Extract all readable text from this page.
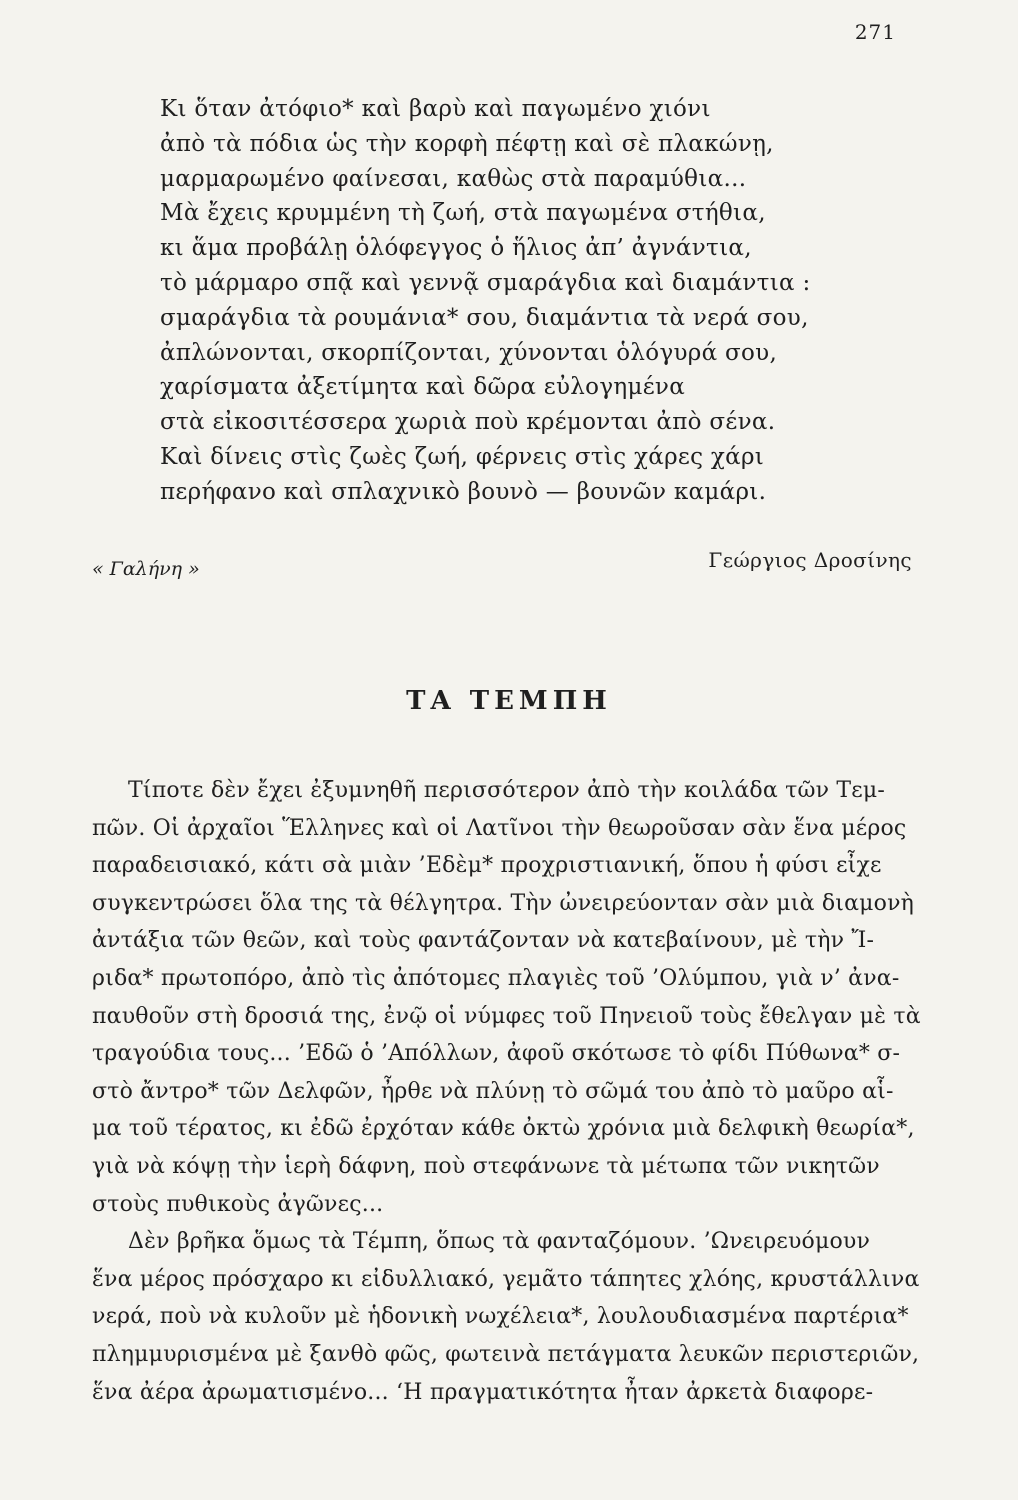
271
Κι ὅταν ἀτόφιο* καὶ βαρὺ καὶ παγωμένο χιόνι
ἀπὸ τὰ πόδια ὡς τὴν κορφὴ πέφτῃ καὶ σὲ πλακώνῃ,
μαρμαρωμένο φαίνεσαι, καθὼς στὰ παραμύθια...
Μὰ ἔχεις κρυμμένη τὴ ζωή, στὰ παγωμένα στήθια,
κι ἅμα προβάλῃ ὁλόφεγγος ὁ ἥλιος ἀπ’ ἀγνάντια,
τὸ μάρμαρο σπᾷ καὶ γεννᾷ σμαράγδια καὶ διαμάντια :
σμαράγδια τὰ ρουμάνια* σου, διαμάντια τὰ νερά σου,
ἀπλώνονται, σκορπίζονται, χύνονται ὁλόγυρά σου,
χαρίσματα ἀξετίμητα καὶ δῶρα εὐλογημένα
στὰ εἰκοσιτέσσερα χωριὰ ποὺ κρέμονται ἀπὸ σένα.
Καὶ δίνεις στὶς ζωὲς ζωή, φέρνεις στὶς χάρες χάρι
περήφανο καὶ σπλαχνικὸ βουνὸ — βουνῶν καμάρι.
« Γαλήνη »	Γεώργιος Δροσίνης
ΤΑ ΤΕΜΠΗ
Τίποτε δὲν ἔχει ἐξυμνηθῆ περισσότερον ἀπὸ τὴν κοιλάδα τῶν Τεμ-
πῶν. Οἱ ἀρχαῖοι Ἕλληνες καὶ οἱ Λατῖνοι τὴν θεωροῦσαν σὰν ἕνα μέρος
παραδεισιακό, κάτι σὰ μιὰν ’Εδὲμ* προχριστιανική, ὅπου ἡ φύσι εἶχε
συγκεντρώσει ὅλα της τὰ θέλγητρα. Τὴν ὠνειρεύονταν σὰν μιὰ διαμονὴ
ἀντάξια τῶν θεῶν, καὶ τοὺς φαντάζονταν νὰ κατεβαίνουν, μὲ τὴν Ἴ-
ριδα* πρωτοπόρο, ἀπὸ τὶς ἀπότομες πλαγιὲς τοῦ ’Ολύμπου, γιὰ ν’ ἀνα-
παυθοῦν στὴ δροσιά της, ἐνῷ οἱ νύμφες τοῦ Πηνειοῦ τοὺς ἔθελγαν μὲ τὰ
τραγούδια τους... ’Εδῶ ὁ ’Απόλλων, ἀφοῦ σκότωσε τὸ φίδι Πύθωνα* σ-
στὸ ἄντρο* τῶν Δελφῶν, ἦρθε νὰ πλύνῃ τὸ σῶμά του ἀπὸ τὸ μαῦρο αἷ-
μα τοῦ τέρατος, κι ἐδῶ ἐρχόταν κάθε ὀκτὼ χρόνια μιὰ δελφικὴ θεωρία*,
γιὰ νὰ κόψῃ τὴν ἱερὴ δάφνη, ποὺ στεφάνωνε τὰ μέτωπα τῶν νικητῶν
στοὺς πυθικοὺς ἀγῶνες...
Δὲν βρῆκα ὅμως τὰ Τέμπη, ὅπως τὰ φανταζόμουν. ’Ωνειρευόμουν
ἕνα μέρος πρόσχαρο κι εἰδυλλιακό, γεμᾶτο τάπητες χλόης, κρυστάλλινα
νερά, ποὺ νὰ κυλοῦν μὲ ἡδονικὴ νωχέλεια*, λουλουδιασμένα παρτέρια*
πλημμυρισμένα μὲ ξανθὸ φῶς, φωτεινὰ πετάγματα λευκῶν περιστεριῶν,
ἕνα ἀέρα ἀρωματισμένο... ‘Η πραγματικότητα ἦταν ἀρκετὰ διαφορε-
